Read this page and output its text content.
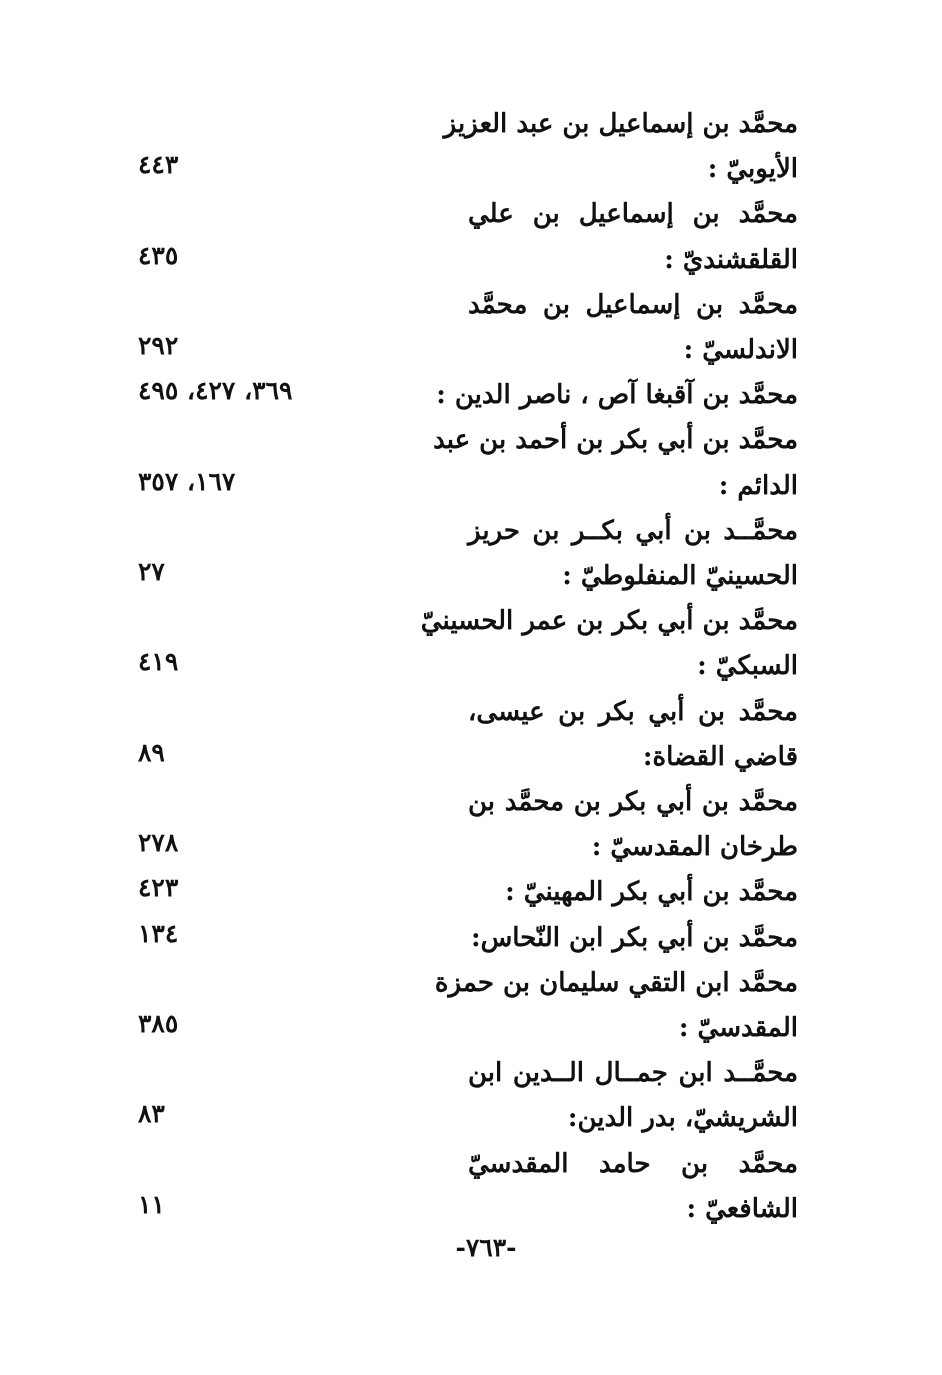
محمَّد بن إسماعيل بن عبد العزيز
الأيوبيّ :
٤٤٣
محمَّد بن إسماعيل بن علي
القلقشنديّ :
٤٣٥
محمَّد بن إسماعيل بن محمَّد
الاندلسيّ :
٢٩٢
محمَّد بن آقبغا آص ، ناصر الدين :
٣٦٩، ٤٢٧، ٤٩٥
محمَّد بن أبي بكر بن أحمد بن عبد
الدائم :
١٦٧، ٣٥٧
محمَّــد بن أبي بكــر بن حريز
الحسينيّ المنفلوطيّ :
٢٧
محمَّد بن أبي بكر بن عمر الحسينيّ
السبكيّ :
٤١٩
محمَّد بن أبي بكر بن عيسى،
قاضي القضاة:
٨٩
محمَّد بن أبي بكر بن محمَّد بن
طرخان المقدسيّ :
٢٧٨
محمَّد بن أبي بكر المهينيّ :
٤٢٣
محمَّد بن أبي بكر ابن النّحاس:
١٣٤
محمَّد ابن التقي سليمان بن حمزة
المقدسيّ :
٣٨٥
محمَّــد ابن جمــال الــدين ابن
الشريشيّ، بدر الدين:
٨٣
محمَّد بن حامد المقدسيّ
الشافعيّ :
١١
-٧٦٣-
